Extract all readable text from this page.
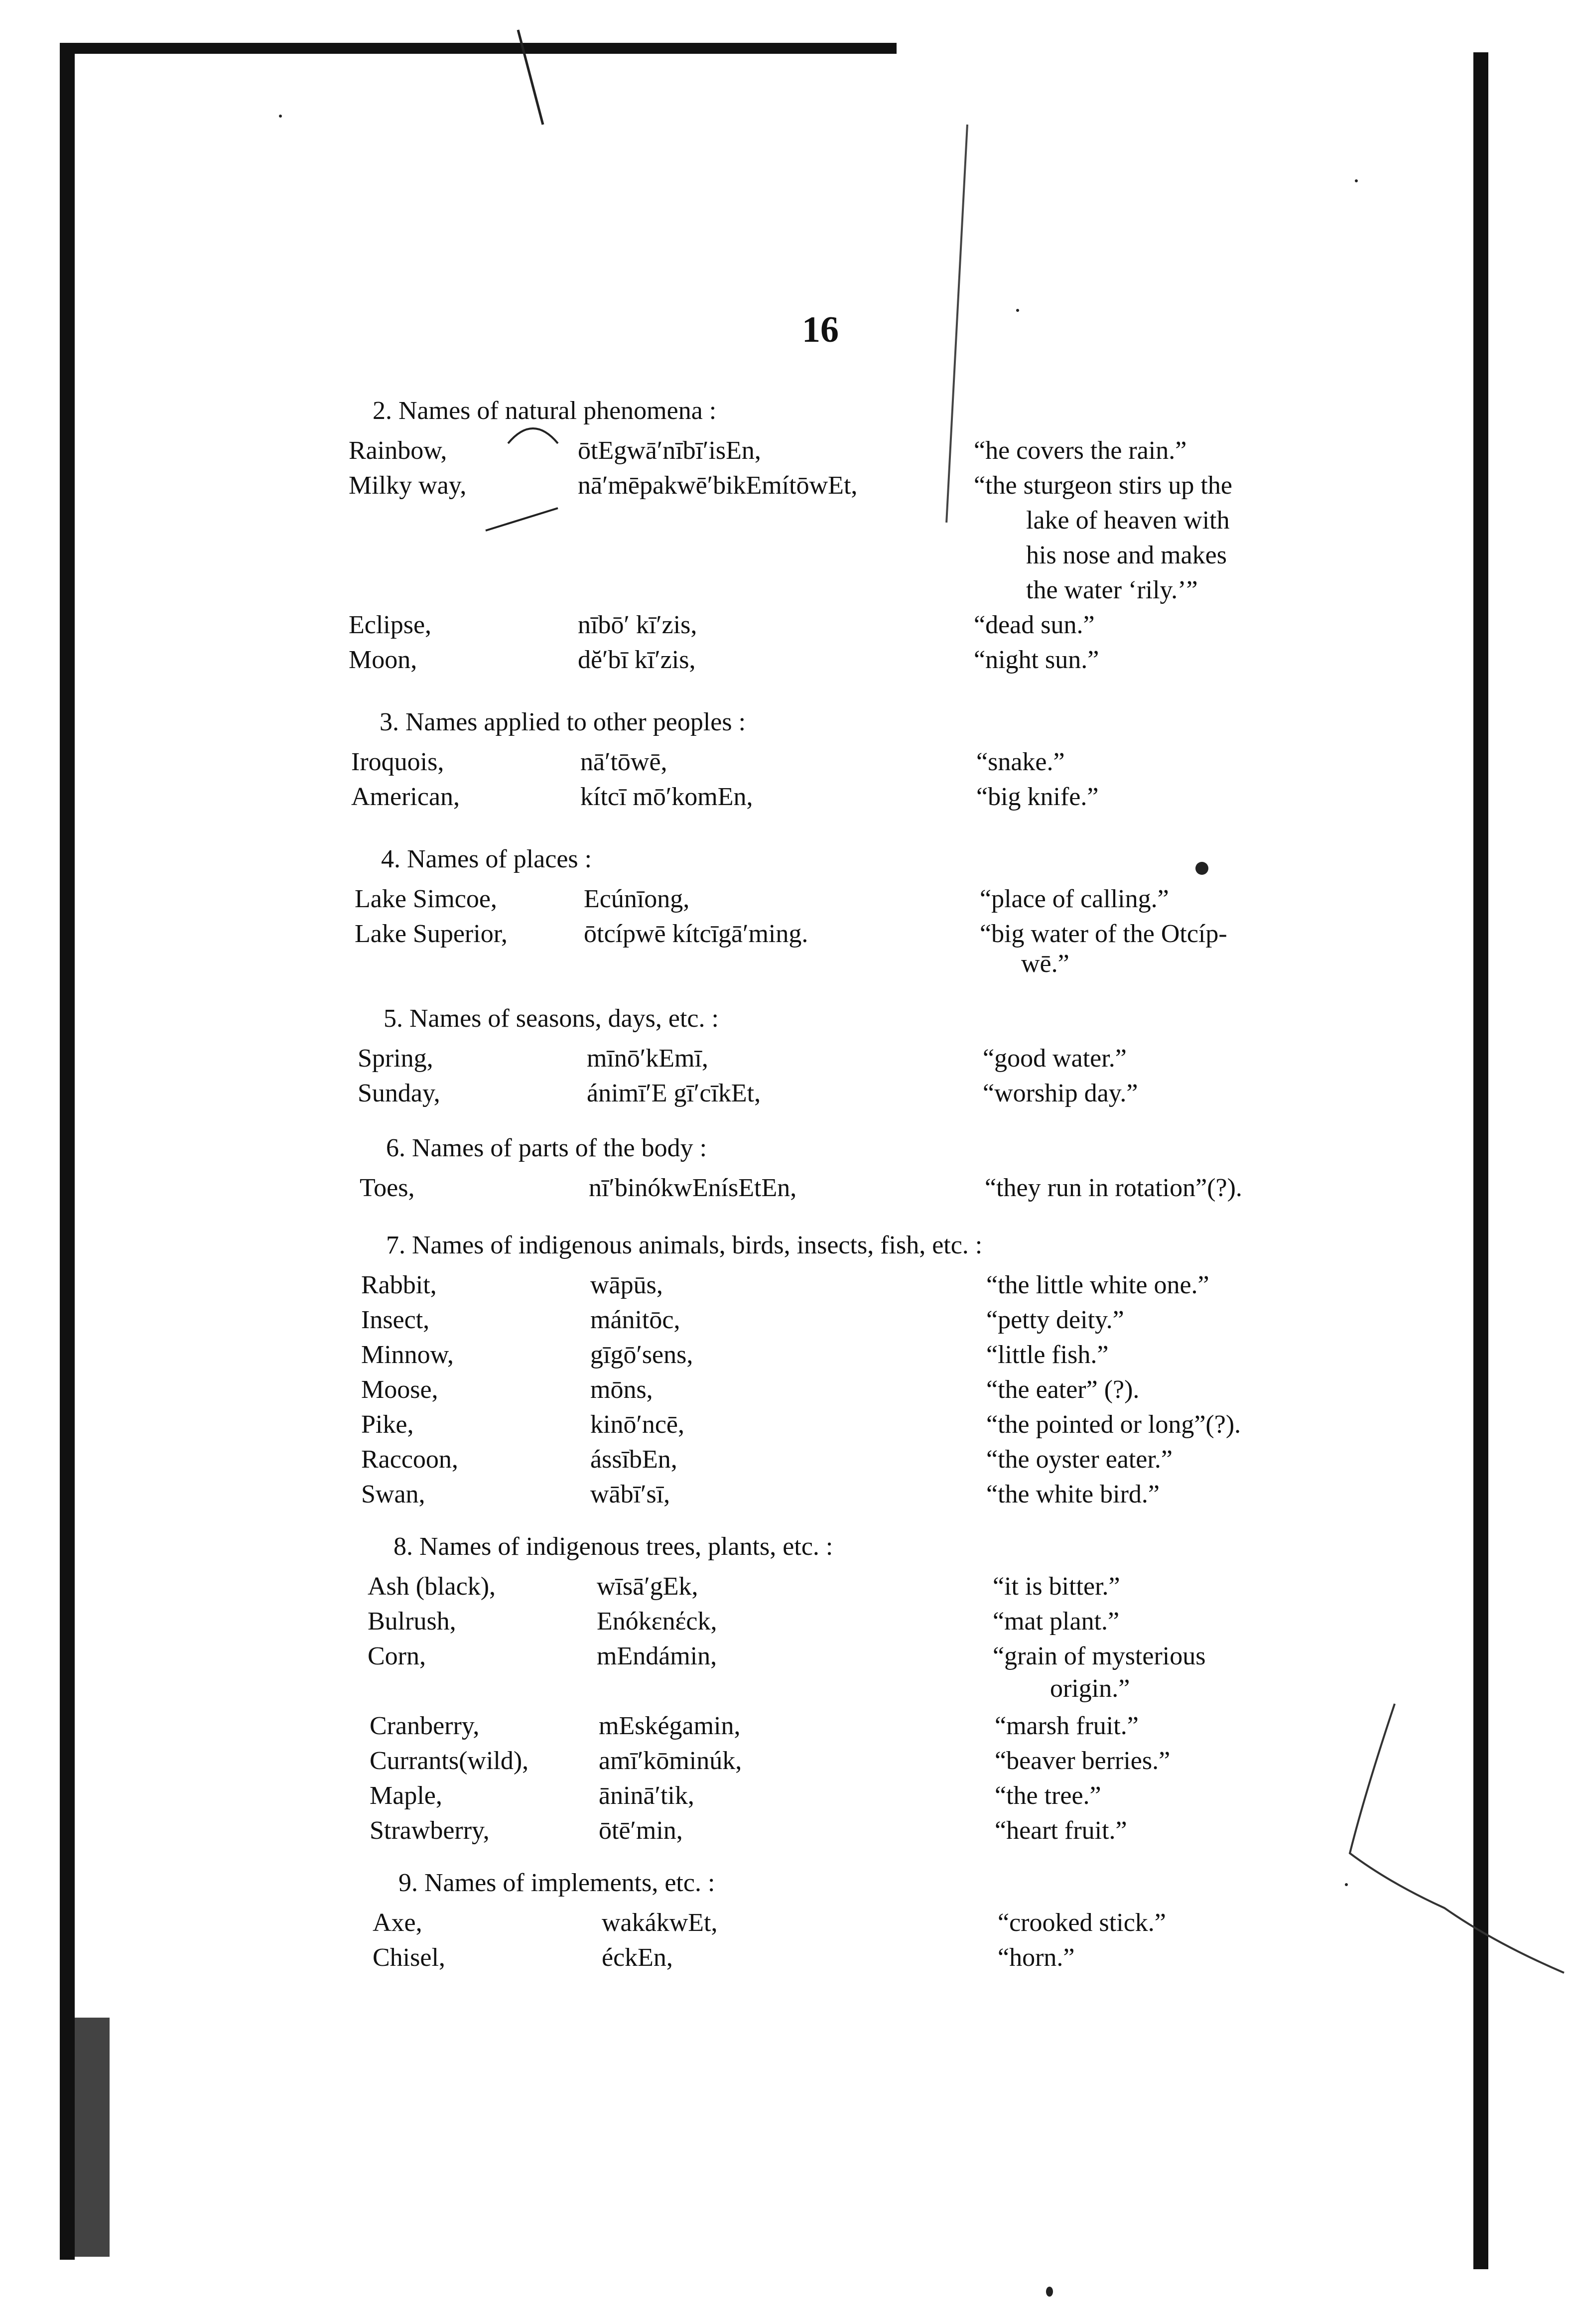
16
2. Names of natural phenomena :
Rainbow,	ōtEgwā′nībī′isEn,	“he covers the rain.”
Milky way,	nā′mēpakwē′bikEmítōwEt,	“the sturgeon stirs up the
lake of heaven with
his nose and makes
the water ‘rily.’”
Eclipse,	nībō′ kī′zis,	“dead sun.”
Moon,	dĕ′bī kī′zis,	“night sun.”
3. Names applied to other peoples :
Iroquois,	nā′tōwē,	“snake.”
American,	kítcī mō′komEn,	“big knife.”
4. Names of places :
Lake Simcoe,	Ecúnīong,	“place of calling.”
Lake Superior,	ōtcípwē kítcīgā′ming.	“big water of the Otcíp-
wē.”
5. Names of seasons, days, etc. :
Spring,	mīnō′kEmī,	“good water.”
Sunday,	ánimī′E gī′cīkEt,	“worship day.”
6. Names of parts of the body :
Toes,	nī′binókwEnísEtEn,	“they run in rotation”(?).
7. Names of indigenous animals, birds, insects, fish, etc. :
Rabbit,	wāpūs,	“the little white one.”
Insect,	mánitōc,	“petty deity.”
Minnow,	gīgō′sens,	“little fish.”
Moose,	mōns,	“the eater” (?).
Pike,	kinō′ncē,	“the pointed or long”(?).
Raccoon,	ássībEn,	“the oyster eater.”
Swan,	wābī′sī,	“the white bird.”
8. Names of indigenous trees, plants, etc. :
Ash (black),	wīsā′gEk,	“it is bitter.”
Bulrush,	Enókεnέck,	“mat plant.”
Corn,	mEndámin,	“grain of mysterious
origin.”
Cranberry,	mEskégamin,	“marsh fruit.”
Currants(wild),	amī′kōminúk,	“beaver berries.”
Maple,	āninā′tik,	“the tree.”
Strawberry,	ōtē′min,	“heart fruit.”
9. Names of implements, etc. :
Axe,	wakákwEt,	“crooked stick.”
Chisel,	éckEn,	“horn.”
